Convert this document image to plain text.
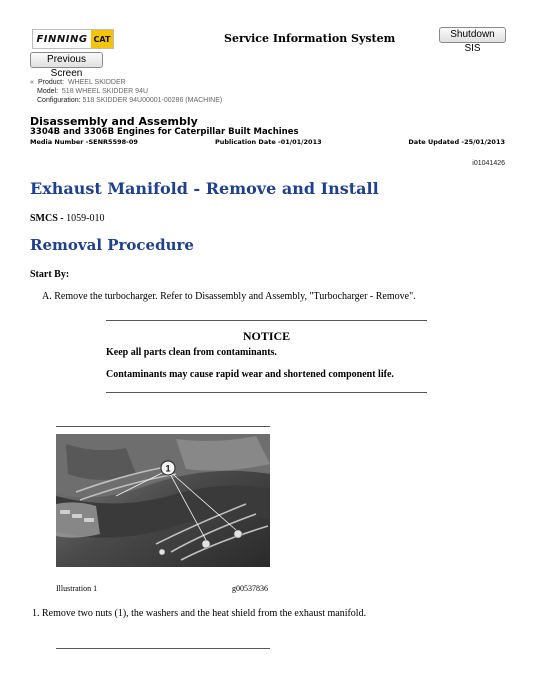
FINNING CAT	Service Information System	Shutdown SIS
Previous Screen
« Product: WHEEL SKIDDER
Model: 518 WHEEL SKIDDER 94U
Configuration: 518 SKIDDER 94U00001-00286 (MACHINE)
Disassembly and Assembly
3304B and 3306B Engines for Caterpillar Built Machines
Media Number -SENR5598-09	Publication Date -01/01/2013	Date Updated -25/01/2013
i01041426
Exhaust Manifold - Remove and Install
SMCS - 1059-010
Removal Procedure
Start By:
A. Remove the turbocharger. Refer to Disassembly and Assembly, "Turbocharger - Remove".
NOTICE
Keep all parts clean from contaminants.
Contaminants may cause rapid wear and shortened component life.
1
Illustration 1	g00537836
1. Remove two nuts (1), the washers and the heat shield from the exhaust manifold.
